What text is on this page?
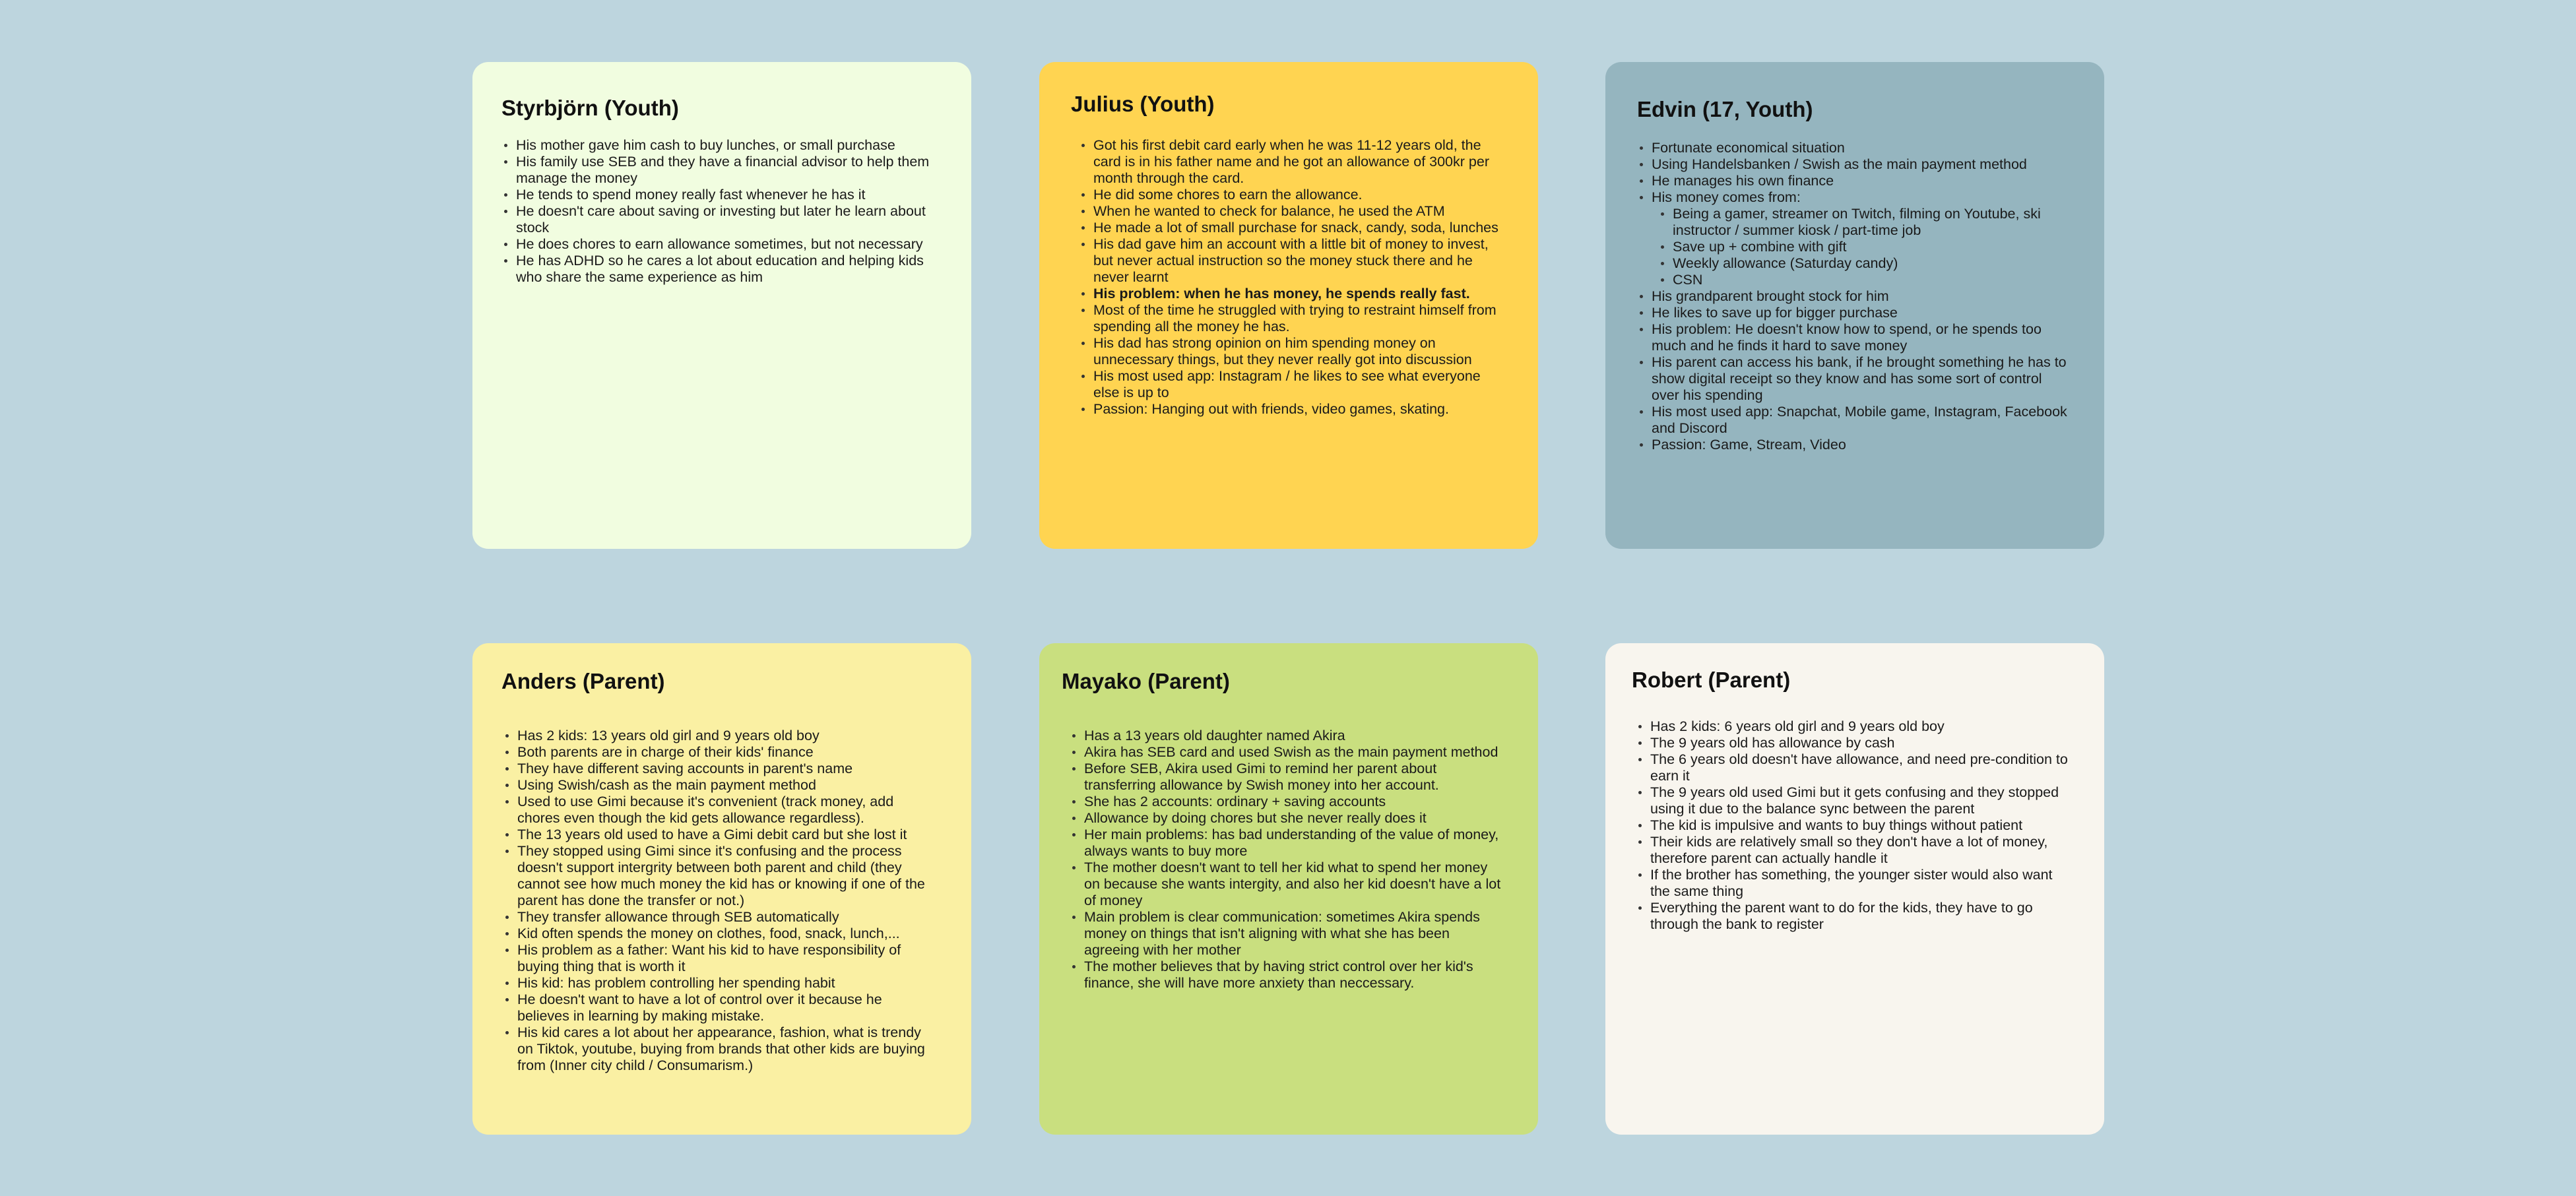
Styrbjörn (Youth)
His mother gave him cash to buy lunches, or small purchase
His family use SEB and they have a financial advisor to help them manage the money
He tends to spend money really fast whenever he has it
He doesn't care about saving or investing but later he learn about stock
He does chores to earn allowance sometimes, but not necessary
He has ADHD so he cares a lot about education and helping kids who share the same experience as him
Julius (Youth)
Got his first debit card early when he was 11-12 years old, the card is in his father name and he got an allowance of 300kr per month through the card.
He did some chores to earn the allowance.
When he wanted to check for balance, he used the ATM
He made a lot of small purchase for snack, candy, soda, lunches
His dad gave him an account with a little bit of money to invest, but never actual instruction so the money stuck there and he never learnt
His problem: when he has money, he spends really fast.
Most of the time he struggled with trying to restraint himself from spending all the money he has.
His dad has strong opinion on him spending money on unnecessary things, but they never really got into discussion
His most used app: Instagram / he likes to see what everyone else is up to
Passion: Hanging out with friends, video games, skating.
Edvin (17, Youth)
Fortunate economical situation
Using Handelsbanken / Swish as the main payment method
He manages his own finance
His money comes from:
Being a gamer, streamer on Twitch, filming on Youtube, ski instructor / summer kiosk / part-time job
Save up + combine with gift
Weekly allowance (Saturday candy)
CSN
His grandparent brought stock for him
He likes to save up for bigger purchase
His problem: He doesn't know how to spend, or he spends too much and he finds it hard to save money
His parent can access his bank, if he brought something he has to show digital receipt so they know and has some sort of control over his spending
His most used app: Snapchat, Mobile game, Instagram, Facebook and Discord
Passion: Game, Stream, Video
Anders (Parent)
Has 2 kids: 13 years old girl and 9 years old boy
Both parents are in charge of their kids' finance
They have different saving accounts in parent's name
Using Swish/cash as the main payment method
Used to use Gimi because it's convenient (track money, add chores even though the kid gets allowance regardless).
The 13 years old used to have a Gimi debit card but she lost it
They stopped using Gimi since it's confusing and the process doesn't support intergrity between both parent and child (they cannot see how much money the kid has or knowing if one of the parent has done the transfer or not.)
They transfer allowance through SEB automatically
Kid often spends the money on clothes, food, snack, lunch,...
His problem as a father: Want his kid to have responsibility of buying thing that is worth it
His kid: has problem controlling her spending habit
He doesn't want to have a lot of control over it because he believes in learning by making mistake.
His kid cares a lot about her appearance, fashion, what is trendy on Tiktok, youtube, buying from brands that other kids are buying from (Inner city child / Consumarism.)
Mayako (Parent)
Has a 13 years old daughter named Akira
Akira has SEB card and used Swish as the main payment method
Before SEB, Akira used Gimi to remind her parent about transferring allowance by Swish money into her account.
She has 2 accounts: ordinary + saving accounts
Allowance by doing chores but she never really does it
Her main problems: has bad understanding of the value of money, always wants to buy more
The mother doesn't want to tell her kid what to spend her money on because she wants intergity, and also her kid doesn't have a lot of money
Main problem is clear communication: sometimes Akira spends money on things that isn't aligning with what she has been agreeing with her mother
The mother believes that by having strict control over her kid's finance, she will have more anxiety than neccessary.
Robert (Parent)
Has 2 kids: 6 years old girl and 9 years old boy
The 9 years old has allowance by cash
The 6 years old doesn't have allowance, and need pre-condition to earn it
The 9 years old used Gimi but it gets confusing and they stopped using it due to the balance sync between the parent
The kid is impulsive and wants to buy things without patient
Their kids are relatively small so they don't have a lot of money, therefore parent can actually handle it
If the brother has something, the younger sister would also want the same thing
Everything the parent want to do for the kids, they have to go through the bank to register
